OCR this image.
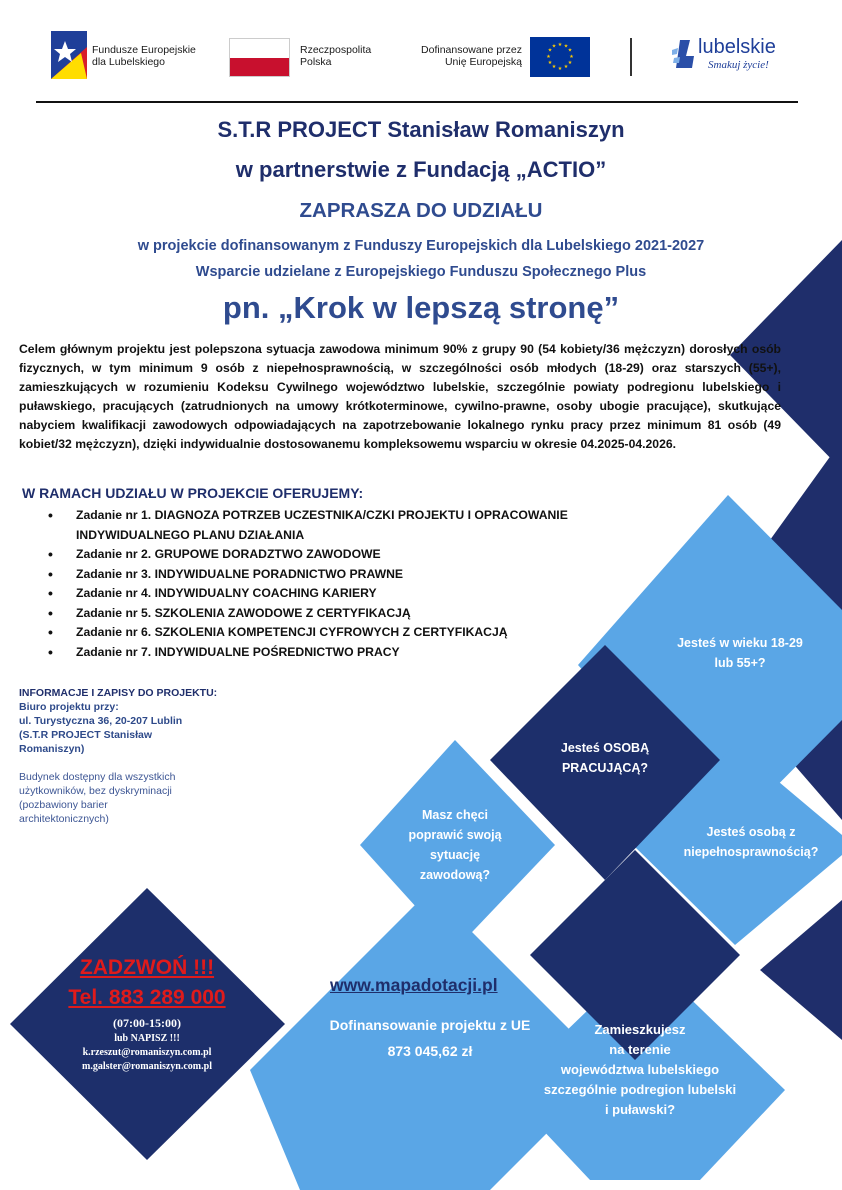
Fundusze Europejskie
dla Lubelskiego
Rzeczpospolita
Polska
Dofinansowane przez
Unię Europejską
★ ★
★
★
★
★
★
★
★
★
★
★	lubelskie
Smakuj życie!
S.T.R PROJECT Stanisław Romaniszyn
w partnerstwie z Fundacją „ACTIO”
ZAPRASZA DO UDZIAŁU
w projekcie dofinansowanym z Funduszy Europejskich dla Lubelskiego 2021-2027
Wsparcie udzielane z Europejskiego Funduszu Społecznego Plus
pn. „Krok w lepszą stronę”
Celem głównym projektu jest polepszona sytuacja zawodowa minimum 90% z grupy 90 (54 kobiety/36 mężczyzn) dorosłych osób fizycznych, w tym minimum 9 osób z niepełnosprawnością, w szczególności osób młodych (18-29) oraz starszych (55+), zamieszkujących w rozumieniu Kodeksu Cywilnego województwo lubelskie, szczególnie powiaty podregionu lubelskiego i puławskiego, pracujących (zatrudnionych na umowy krótkoterminowe, cywilno-prawne, osoby ubogie pracujące), skutkujące nabyciem kwalifikacji zawodowych odpowiadających na zapotrzebowanie lokalnego rynku pracy przez minimum 81 osób (49 kobiet/32 mężczyzn), dzięki indywidualnie dostosowanemu kompleksowemu wsparciu w okresie 04.2025-04.2026.
W RAMACH UDZIAŁU W PROJEKCIE OFERUJEMY:
• Zadanie nr 1. DIAGNOZA POTRZEB UCZESTNIKA/CZKI PROJEKTU I OPRACOWANIE
INDYWIDUALNEGO PLANU DZIAŁANIA
• Zadanie nr 2. GRUPOWE DORADZTWO ZAWODOWE
• Zadanie nr 3. INDYWIDUALNE PORADNICTWO PRAWNE
• Zadanie nr 4. INDYWIDUALNY COACHING KARIERY
• Zadanie nr 5. SZKOLENIA ZAWODOWE Z CERTYFIKACJĄ
• Zadanie nr 6. SZKOLENIA KOMPETENCJI CYFROWYCH Z CERTYFIKACJĄ
• Zadanie nr 7. INDYWIDUALNE POŚREDNICTWO PRACY
INFORMACJE I ZAPISY DO PROJEKTU:
Biuro projektu przy:
ul. Turystyczna 36, 20-207 Lublin
(S.T.R PROJECT Stanisław
Romaniszyn)
Budynek dostępny dla wszystkich
użytkowników, bez dyskryminacji
(pozbawiony barier
architektonicznych)
Jesteś w wieku 18-29
lub 55+?
Jesteś OSOBĄ
PRACUJĄCĄ?
Masz chęci
poprawić swoją
sytuację
zawodową?
Jesteś osobą z
niepełnosprawnością?
Zamieszkujesz
na terenie
województwa lubelskiego
szczególnie podregion lubelski
i puławski?
ZADZWOŃ !!!
Tel. 883 289 000
(07:00-15:00)
lub NAPISZ !!!
k.rzeszut@romaniszyn.com.pl
m.galster@romaniszyn.com.pl
www.mapadotacji.pl
Dofinansowanie projektu z UE
873 045,62 zł
